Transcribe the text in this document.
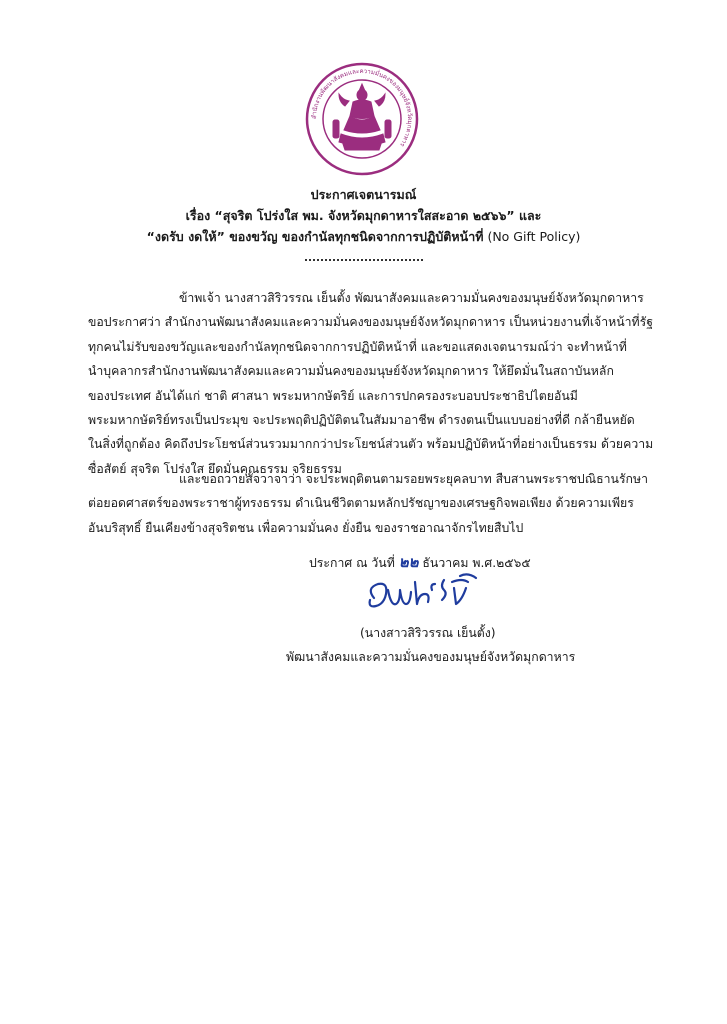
สำนักงานพัฒนาสังคมและความมั่นคงของมนุษย์จังหวัดมุกดาหาร
ประกาศเจตนารมณ์
เรื่อง “สุจริต โปร่งใส พม. จังหวัดมุกดาหารใสสะอาด ๒๕๖๖” และ
“งดรับ งดให้” ของขวัญ ของกำนัลทุกชนิดจากการปฏิบัติหน้าที่ (No Gift Policy)
ข้าพเจ้า นางสาวสิริวรรณ เย็นตั้ง พัฒนาสังคมและความมั่นคงของมนุษย์จังหวัดมุกดาหาร
ขอประกาศว่า สำนักงานพัฒนาสังคมและความมั่นคงของมนุษย์จังหวัดมุกดาหาร เป็นหน่วยงานที่เจ้าหน้าที่รัฐ
ทุกคนไม่รับของขวัญและของกำนัลทุกชนิดจากการปฏิบัติหน้าที่ และขอแสดงเจตนารมณ์ว่า จะทำหน้าที่
นำบุคลากรสำนักงานพัฒนาสังคมและความมั่นคงของมนุษย์จังหวัดมุกดาหาร ให้ยึดมั่นในสถาบันหลัก
ของประเทศ อันได้แก่ ชาติ ศาสนา พระมหากษัตริย์ และการปกครองระบอบประชาธิปไตยอันมี
พระมหากษัตริย์ทรงเป็นประมุข จะประพฤติปฏิบัติตนในสัมมาอาชีพ ดำรงตนเป็นแบบอย่างที่ดี กล้ายืนหยัด
ในสิ่งที่ถูกต้อง คิดถึงประโยชน์ส่วนรวมมากกว่าประโยชน์ส่วนตัว พร้อมปฏิบัติหน้าที่อย่างเป็นธรรม ด้วยความ
ซื่อสัตย์ สุจริต โปร่งใส ยึดมั่นคุณธรรม จริยธรรม
และขอถวายสัจวาจาว่า จะประพฤติตนตามรอยพระยุคลบาท สืบสานพระราชปณิธานรักษา
ต่อยอดศาสตร์ของพระราชาผู้ทรงธรรม ดำเนินชีวิตตามหลักปรัชญาของเศรษฐกิจพอเพียง ด้วยความเพียร
อันบริสุทธิ์ ยืนเคียงข้างสุจริตชน เพื่อความมั่นคง ยั่งยืน ของราชอาณาจักรไทยสืบไป
ประกาศ ณ วันที่ ๒๒ ธันวาคม พ.ศ.๒๕๖๕
(นางสาวสิริวรรณ เย็นตั้ง)
พัฒนาสังคมและความมั่นคงของมนุษย์จังหวัดมุกดาหาร
